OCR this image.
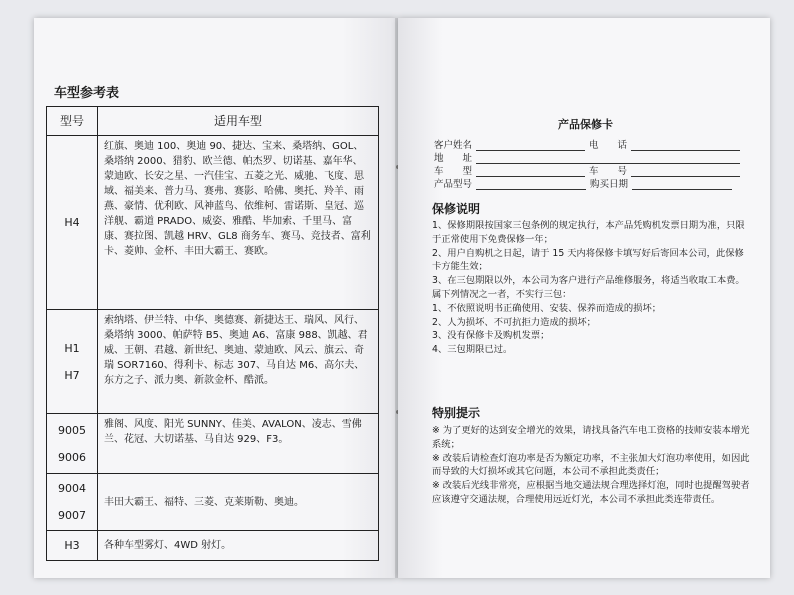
车型参考表
型号	适用车型
H4	红旗、奥迪 100、奥迪 90、捷达、宝来、桑塔纳、GOL、桑塔纳 2000、猎豹、欧兰德、帕杰罗、切诺基、嘉年华、蒙迪欧、长安之星、一汽佳宝、五菱之光、威驰、飞度、思域、福美来、普力马、赛弗、赛影、哈佛、奥托、羚羊、雨燕、豪情、优利欧、风神蓝鸟、依维柯、雷诺斯、皇冠、巡洋舰、霸道 PRADO、威姿、雅酷、毕加索、千里马、富康、赛拉图、凯越 HRV、GL8 商务车、赛马、竞技者、富利卡、菱帅、金杯、丰田大霸王、赛欧。

H1
H7	索纳塔、伊兰特、中华、奥德赛、新捷达王、瑞风、风行、桑塔纳 3000、帕萨特 B5、奥迪 A6、富康 988、凯越、君威、王朝、君越、新世纪、奥迪、蒙迪欧、风云、旗云、奇瑞 SOR7160、得利卡、标志 307、马自达 M6、高尔夫、东方之子、派力奥、新款金杯、酷派。

9005
9006	雅阁、风度、阳光 SUNNY、佳美、AVALON、凌志、雪佛兰、花冠、大切诺基、马自达 929、F3。

9004
9007	丰田大霸王、福特、三菱、克莱斯勒、奥迪。
H3	各种车型雾灯、4WD 射灯。
产品保修卡
客户姓名	电　　话
地　　址
车　　型	车　　号
产品型号	购买日期
保修说明

1、保修期限按国家三包条例的规定执行，本产品凭购机发票日期为准，只限于正常使用下免费保修一年；

2、用户自购机之日起，请于 15 天内将保修卡填写好后寄回本公司，此保修卡方能生效；

3、在三包期限以外，本公司为客户进行产品维修服务，将适当收取工本费。

属下列情况之一者，不实行三包：

1、不依照说明书正确使用、安装、保养而造成的损坏；

2、人为损坏、不可抗拒力造成的损坏；

3、没有保修卡及购机发票；

4、三包期限已过。

特别提示

※ 为了更好的达到安全增光的效果，请找具备汽车电工资格的技师安装本增光系统；

※ 改装后请检查灯泡功率是否为额定功率，不主张加大灯泡功率使用，如因此而导致的大灯损坏或其它问题，本公司不承担此类责任；

※ 改装后光线非常亮，应根据当地交通法规合理选择灯泡，同时也提醒驾驶者应该遵守交通法规，合理使用远近灯光，本公司不承担此类连带责任。
